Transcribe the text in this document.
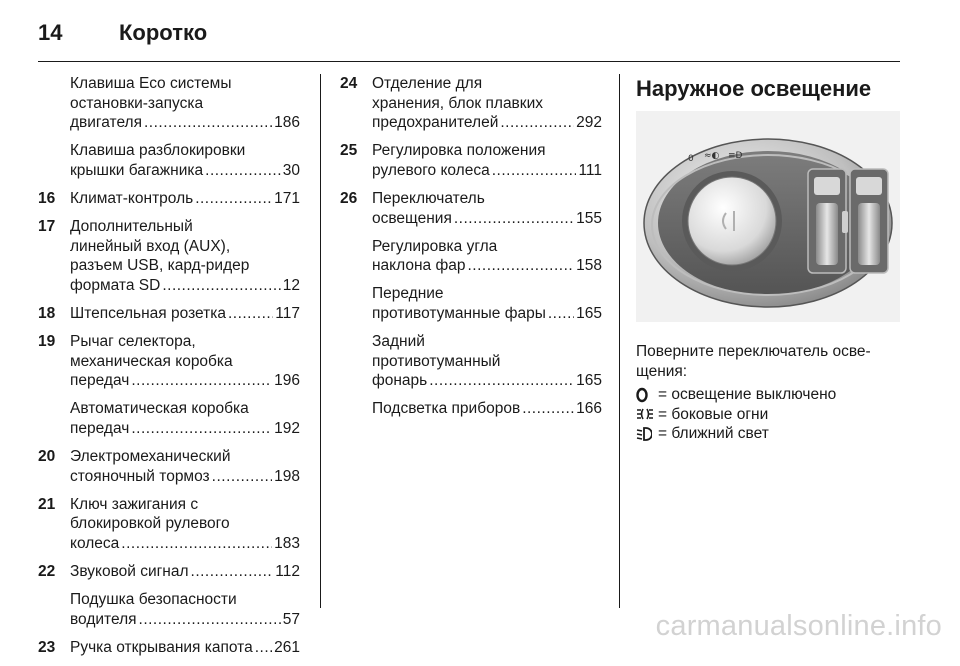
14	Коротко
Клавиша Eco системы
остановки-запуска
двигателя .....	186
Клавиша разблокировки
крышки багажника .....	30
16 Климат-контроль .....	171
17 Дополнительный
линейный вход (AUX),
разъем USB, кард-ридер
формата SD .....	12
18 Штепсельная розетка .....	117
19 Рычаг селектора,
механическая коробка
передач .....	196
Автоматическая коробка
передач .....	192
20 Электромеханический
стояночный тормоз .....	198
21 Ключ зажигания с
блокировкой рулевого
колеса .....	183
22 Звуковой сигнал .....	112
Подушка безопасности
водителя .....	57
23 Ручка открывания капота ..... 261
24 Отделение для
хранения, блок плавких
предохранителей .....	292
25 Регулировка положения
рулевого колеса .....	111
26 Переключатель
освещения .....	155
Регулировка угла
наклона фар .....	158
Передние
противотуманные фары ..... 165
Задний
противотуманный
фонарь .....	165
Подсветка приборов .....	166
Наружное освещение
0 ≈◐ ≡D
Поверните переключатель осве-
щения:
= освещение выключено
= боковые огни
= ближний свет
carmanualsonline.info
